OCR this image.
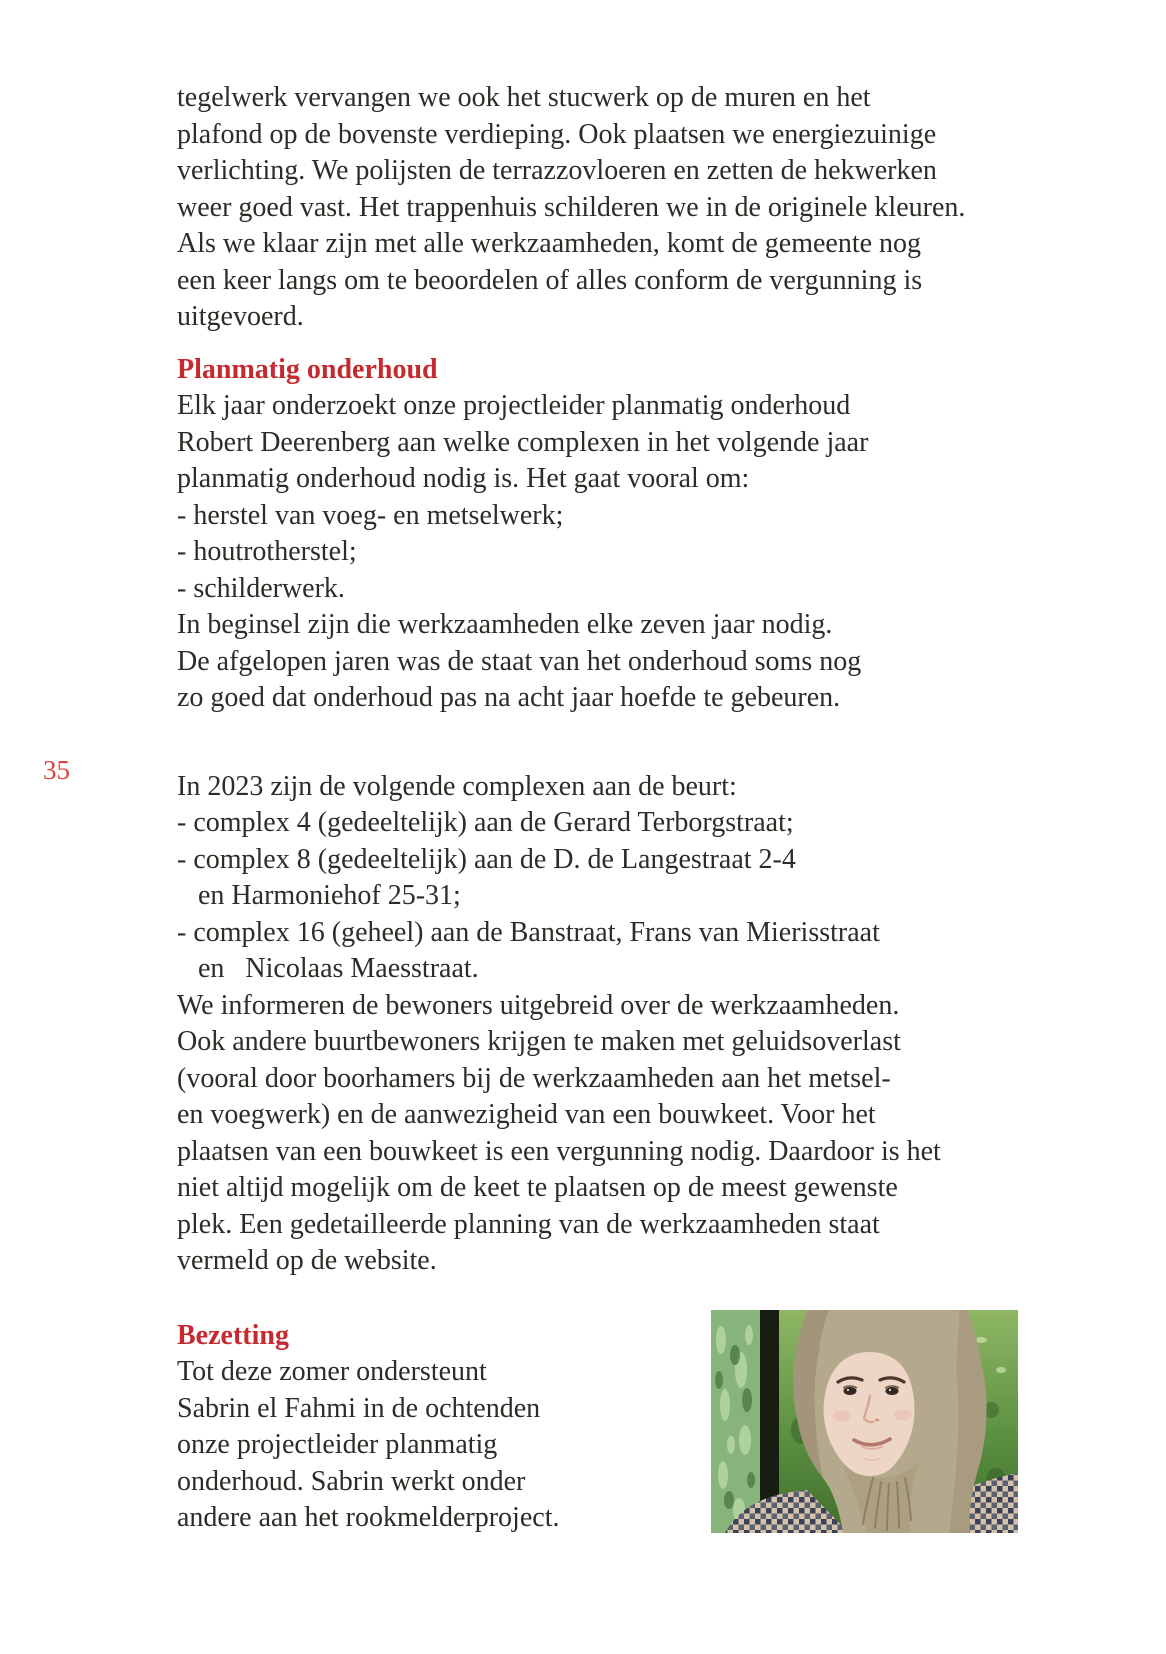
35
tegelwerk vervangen we ook het stucwerk op de muren en het
plafond op de bovenste verdieping. Ook plaatsen we energiezuinige
verlichting. We polijsten de terrazzovloeren en zetten de hekwerken
weer goed vast. Het trappenhuis schilderen we in de originele kleuren.
Als we klaar zijn met alle werkzaamheden, komt de gemeente nog
een keer langs om te beoordelen of alles conform de vergunning is
uitgevoerd.
Planmatig onderhoud
Elk jaar onderzoekt onze projectleider planmatig onderhoud
Robert Deerenberg aan welke complexen in het volgende jaar
planmatig onderhoud nodig is. Het gaat vooral om:
- herstel van voeg- en metselwerk;
- houtrotherstel;
- schilderwerk.
In beginsel zijn die werkzaamheden elke zeven jaar nodig.
De afgelopen jaren was de staat van het onderhoud soms nog
zo goed dat onderhoud pas na acht jaar hoefde te gebeuren.
In 2023 zijn de volgende complexen aan de beurt:
- complex 4 (gedeeltelijk) aan de Gerard Terborgstraat;
- complex 8 (gedeeltelijk) aan de D. de Langestraat 2-4
en Harmoniehof 25-31;
- complex 16 (geheel) aan de Banstraat, Frans van Mierisstraat
en   Nicolaas Maesstraat.
We informeren de bewoners uitgebreid over de werkzaamheden.
Ook andere buurtbewoners krijgen te maken met geluidsoverlast
(vooral door boorhamers bij de werkzaamheden aan het metsel-
en voegwerk) en de aanwezigheid van een bouwkeet. Voor het
plaatsen van een bouwkeet is een vergunning nodig. Daardoor is het
niet altijd mogelijk om de keet te plaatsen op de meest gewenste
plek. Een gedetailleerde planning van de werkzaamheden staat
vermeld op de website.
Bezetting
Tot deze zomer ondersteunt
Sabrin el Fahmi in de ochtenden
onze projectleider planmatig
onderhoud. Sabrin werkt onder
andere aan het rookmelderproject.
